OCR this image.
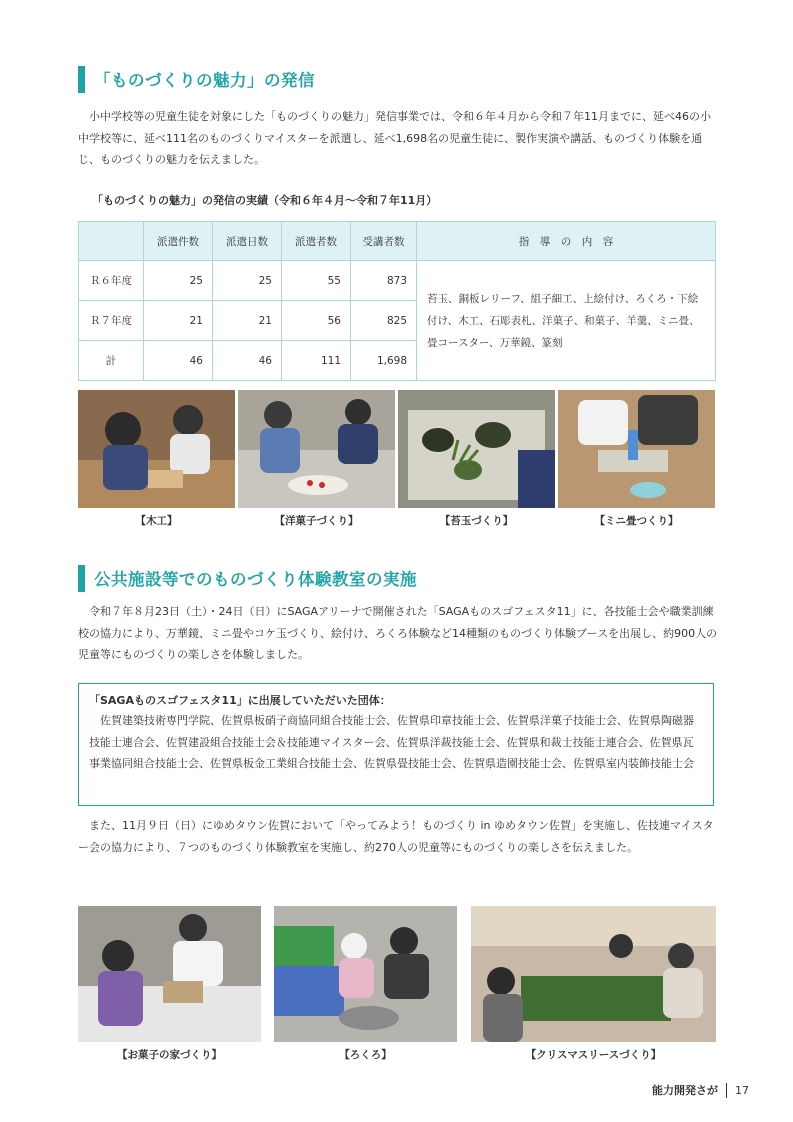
「ものづくりの魅力」の発信

小中学校等の児童生徒を対象にした「ものづくりの魅力」発信事業では、令和６年４月から令和７年11月までに、延べ46の小中学校等に、延べ111名のものづくりマイスターを派遣し、延べ1,698名の児童生徒に、製作実演や講話、ものづくり体験を通じ、ものづくりの魅力を伝えました。

「ものづくりの魅力」の発信の実績（令和６年４月～令和７年11月）
	派遣件数	派遣日数	派遣者数	受講者数	指　導　の　内　容
Ｒ６年度	25	25	55	873	苔玉、銅板レリーフ、組子細工、上絵付け、ろくろ・下絵付け、木工、石彫表札、洋菓子、和菓子、羊羹、ミニ畳、畳コースター、万華鏡、篆刻
Ｒ７年度	21	21	56	825	
計	46	46	111	1,698	
【木工】	【洋菓子づくり】	【苔玉づくり】	【ミニ畳つくり】
公共施設等でのものづくり体験教室の実施

令和７年８月23日（土）・24日（日）にSAGAアリーナで開催された「SAGAものスゴフェスタ11」に、各技能士会や職業訓練校の協力により、万華鏡、ミニ畳やコケ玉づくり、絵付け、ろくろ体験など14種類のものづくり体験ブースを出展し、約900人の児童等にものづくりの楽しさを体験しました。

「SAGAものスゴフェスタ11」に出展していただいた団体：
佐賀建築技術専門学院、佐賀県板硝子商協同組合技能士会、佐賀県印章技能士会、佐賀県洋菓子技能士会、佐賀県陶磁器技能士連合会、佐賀建設組合技能士会＆技能連マイスター会、佐賀県洋裁技能士会、佐賀県和裁士技能士連合会、佐賀県瓦事業協同組合技能士会、佐賀県板金工業組合技能士会、佐賀県畳技能士会、佐賀県造園技能士会、佐賀県室内装飾技能士会

また、11月９日（日）にゆめタウン佐賀において「やってみよう！ものづくり in ゆめタウン佐賀」を実施し、佐技連マイスター会の協力により、７つのものづくり体験教室を実施し、約270人の児童等にものづくりの楽しさを伝えました。

【お菓子の家づくり】	【ろくろ】	【クリスマスリースづくり】
能力開発さが 17
